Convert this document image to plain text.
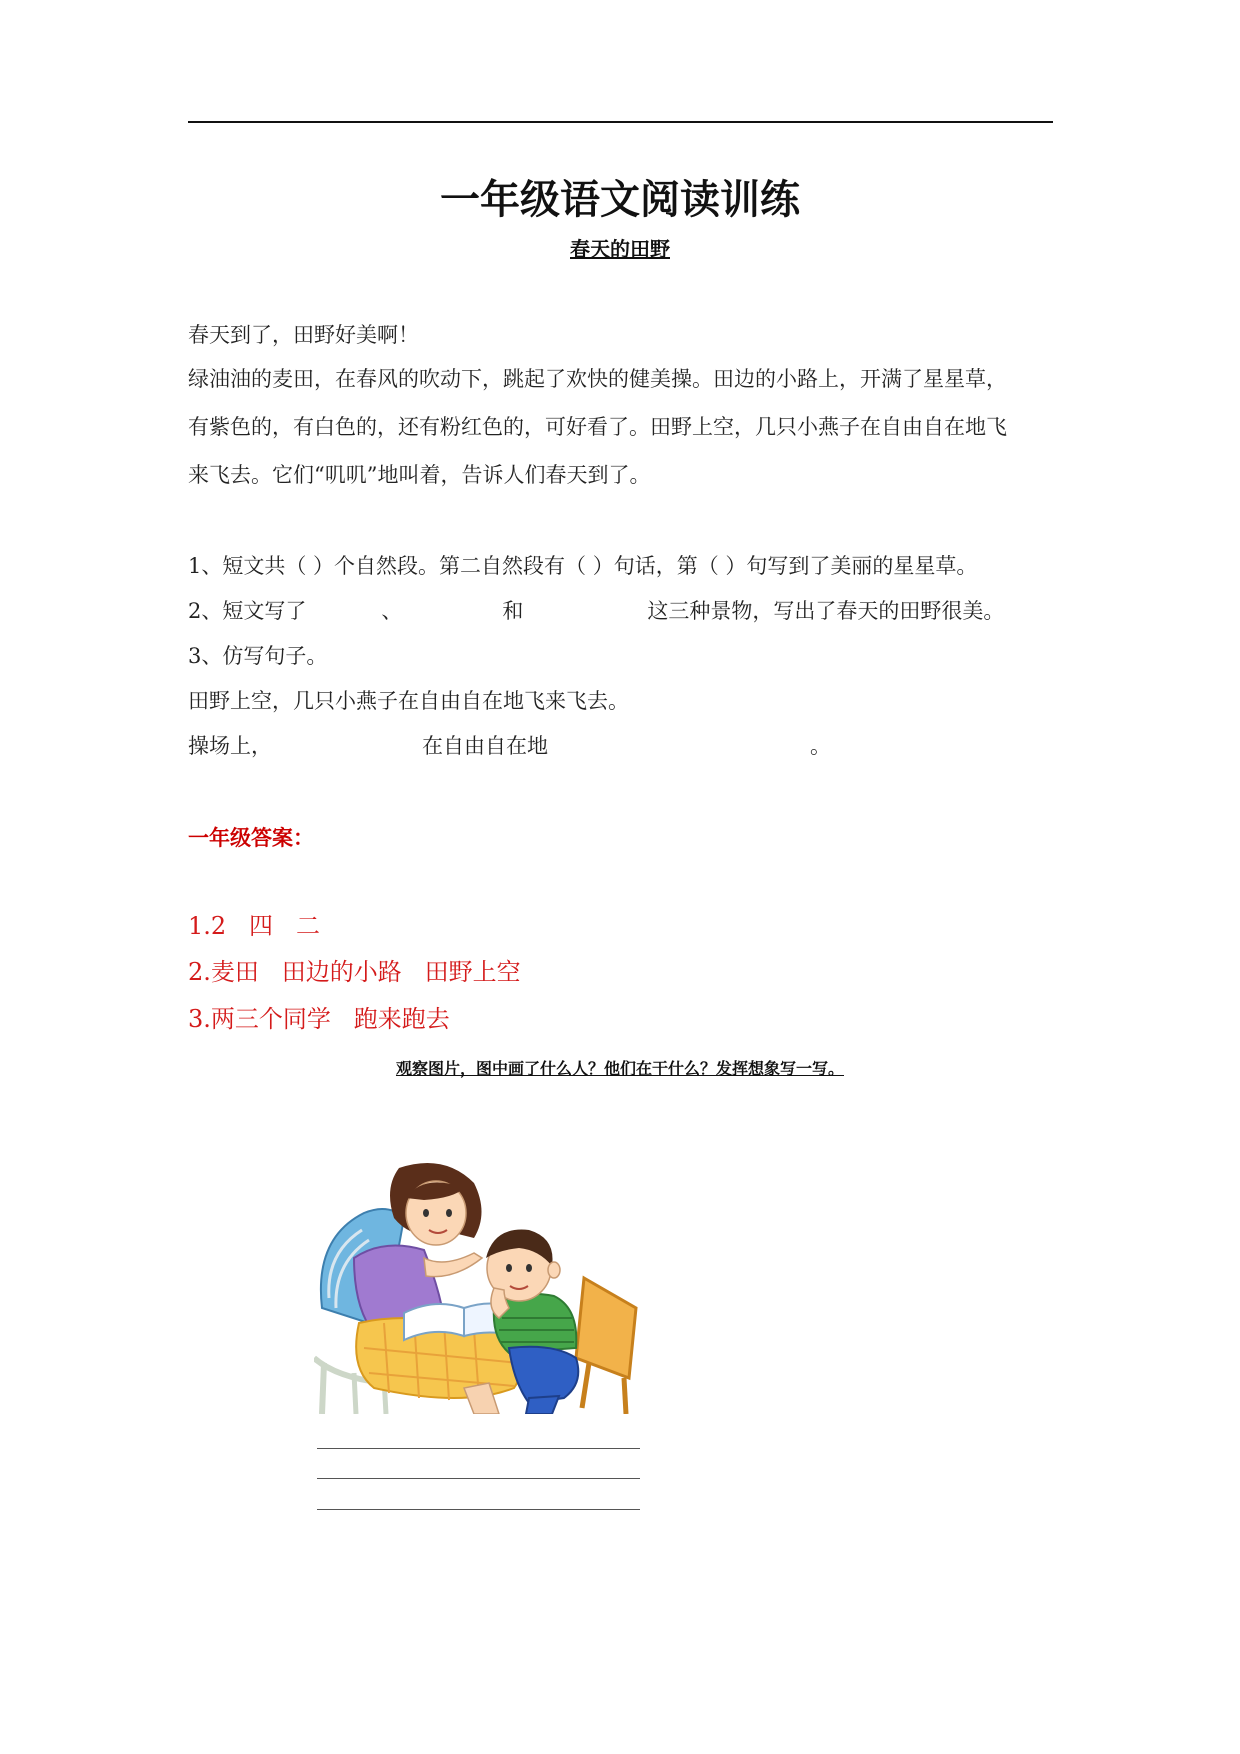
一年级语文阅读训练
春天的田野

春天到了，田野好美啊！

绿油油的麦田，在春风的吹动下，跳起了欢快的健美操。田边的小路上，开满了星星草，

有紫色的，有白色的，还有粉红色的，可好看了。田野上空，几只小燕子在自由自在地飞

来飞去。它们“叽叽”地叫着，告诉人们春天到了。

1、短文共（ ）个自然段。第二自然段有（ ）句话，第（ ）句写到了美丽的星星草。

2、短文写了	、	和	这三种景物，写出了春天的田野很美。

3、仿写句子。

田野上空，几只小燕子在自由自在地飞来飞去。

操场上，	在自由自在地	。

一年级答案：

1.2   四   二

2.麦田   田边的小路   田野上空

3.两三个同学   跑来跑去

观察图片，图中画了什么人？他们在干什么？发挥想象写一写。
